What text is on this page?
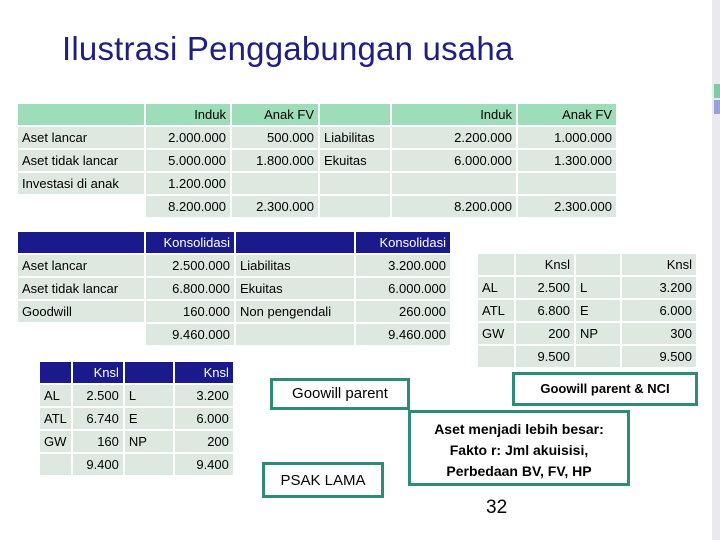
Ilustrasi Penggabungan usaha
	Induk	Anak FV		Induk	Anak FV
Aset lancar	2.000.000	500.000	Liabilitas	2.200.000	1.000.000
Aset tidak lancar	5.000.000	1.800.000	Ekuitas	6.000.000	1.300.000
Investasi di anak	1.200.000				
	8.200.000	2.300.000		8.200.000	2.300.000
	Konsolidasi		Konsolidasi
Aset lancar	2.500.000	Liabilitas	3.200.000
Aset tidak lancar	6.800.000	Ekuitas	6.000.000
Goodwill	160.000	Non pengendali	260.000
	9.460.000		9.460.000
	Knsl		Knsl
AL	2.500	L	3.200
ATL	6.740	E	6.000
GW	160	NP	200
	9.400		9.400
	Knsl		Knsl
AL	2.500	L	3.200
ATL	6.800	E	6.000
GW	200	NP	300
	9.500		9.500
Goowill parent	Goowill parent & NCI
PSAK LAMA
Aset menjadi lebih besar:
Fakto r: Jml akuisisi,
Perbedaan BV, FV, HP
32
